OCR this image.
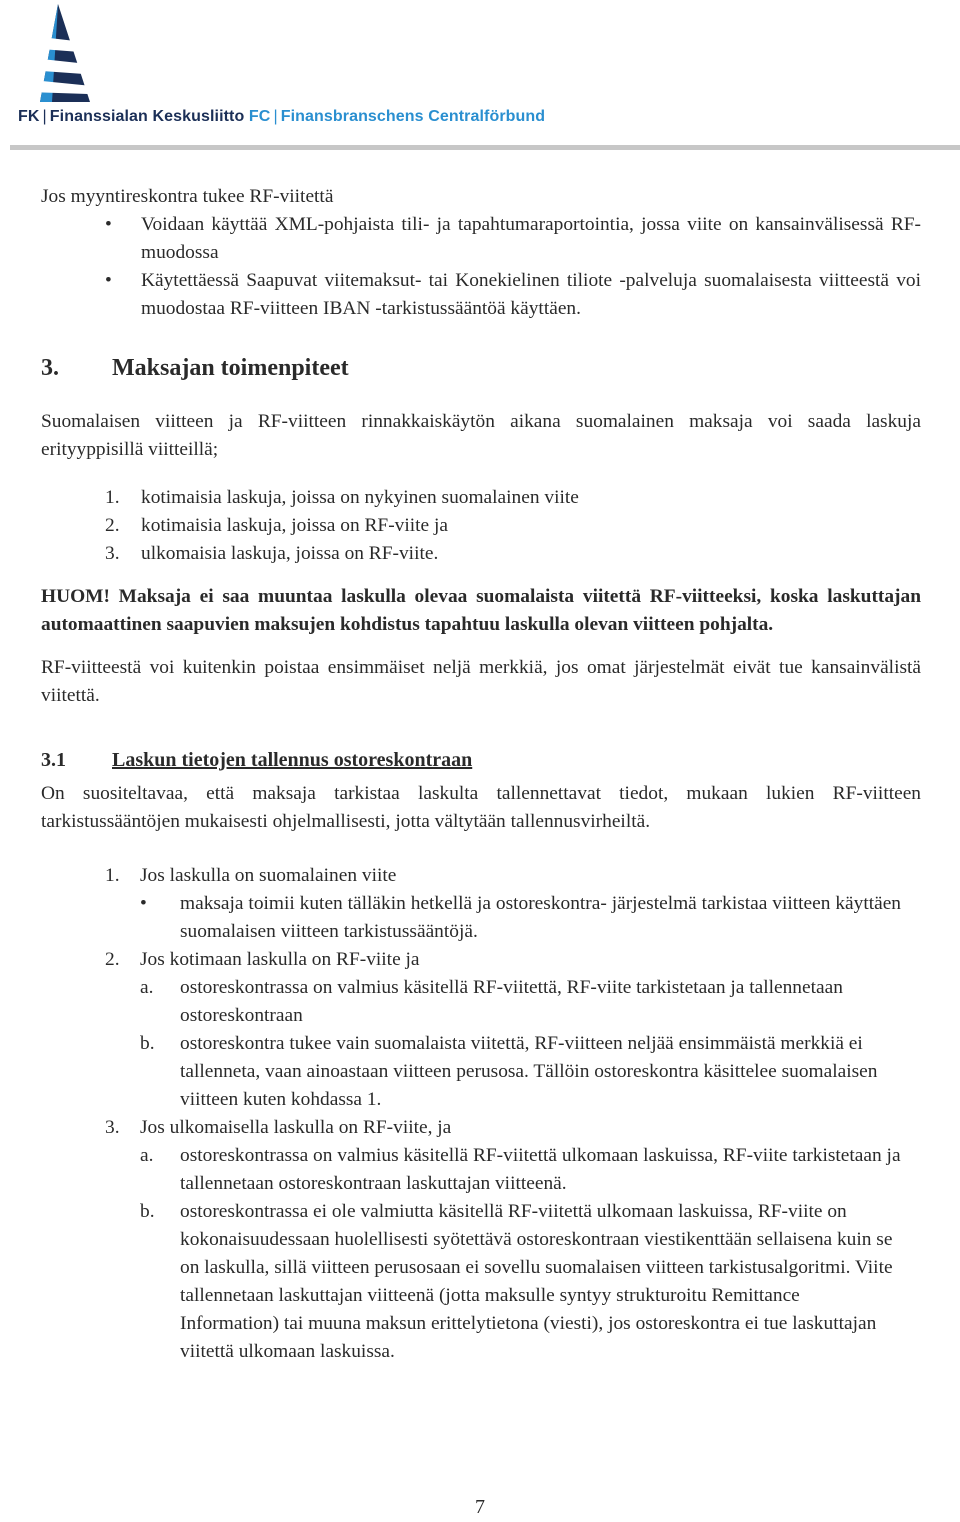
FK | Finanssialan Keskusliitto FC | Finansbranschens Centralförbund

Jos myyntireskontra tukee RF-viitettä

• Voidaan käyttää XML-pohjaista tili- ja tapahtumaraportointia, jossa viite on kansainvälisessä RF-muodossa

• Käytettäessä Saapuvat viitemaksut- tai Konekielinen tiliote -palveluja suomalaisesta viitteestä voi muodostaa RF-viitteen IBAN -tarkistussääntöä käyttäen.

3. Maksajan toimenpiteet

Suomalaisen viitteen ja RF-viitteen rinnakkaiskäytön aikana suomalainen maksaja voi saada laskuja erityyppisillä viitteillä;

1. kotimaisia laskuja, joissa on nykyinen suomalainen viite

2. kotimaisia laskuja, joissa on RF-viite ja

3. ulkomaisia laskuja, joissa on RF-viite.

HUOM! Maksaja ei saa muuntaa laskulla olevaa suomalaista viitettä RF-viitteeksi, koska laskuttajan automaattinen saapuvien maksujen kohdistus tapahtuu laskulla olevan viitteen pohjalta.

RF-viitteestä voi kuitenkin poistaa ensimmäiset neljä merkkiä, jos omat järjestelmät eivät tue kansainvälistä viitettä.

3.1 Laskun tietojen tallennus ostoreskontraan

On suositeltavaa, että maksaja tarkistaa laskulta tallennettavat tiedot, mukaan lukien RF-viitteen tarkistussääntöjen mukaisesti ohjelmallisesti, jotta vältytään tallennusvirheiltä.

1. Jos laskulla on suomalainen viite

• maksaja toimii kuten tälläkin hetkellä ja ostoreskontra- järjestelmä tarkistaa viitteen käyttäen suomalaisen viitteen tarkistussääntöjä.

2. Jos kotimaan laskulla on RF-viite ja

a. ostoreskontrassa on valmius käsitellä RF-viitettä, RF-viite tarkistetaan ja tallennetaan ostoreskontraan

b. ostoreskontra tukee vain suomalaista viitettä, RF-viitteen neljää ensimmäistä merkkiä ei tallenneta, vaan ainoastaan viitteen perusosa. Tällöin ostoreskontra käsittelee suomalaisen viitteen kuten kohdassa 1.

3. Jos ulkomaisella laskulla on RF-viite, ja

a. ostoreskontrassa on valmius käsitellä RF-viitettä ulkomaan laskuissa, RF-viite tarkistetaan ja tallennetaan ostoreskontraan laskuttajan viitteenä.

b. ostoreskontrassa ei ole valmiutta käsitellä RF-viitettä ulkomaan laskuissa, RF-viite on kokonaisuudessaan huolellisesti syötettävä ostoreskontraan viestikenttään sellaisena kuin se on laskulla, sillä viitteen perusosaan ei sovellu suomalaisen viitteen tarkistusalgoritmi. Viite tallennetaan laskuttajan viitteenä (jotta maksulle syntyy strukturoitu Remittance Information) tai muuna maksun erittelytietona (viesti), jos ostoreskontra ei tue laskuttajan viitettä ulkomaan laskuissa.

7
